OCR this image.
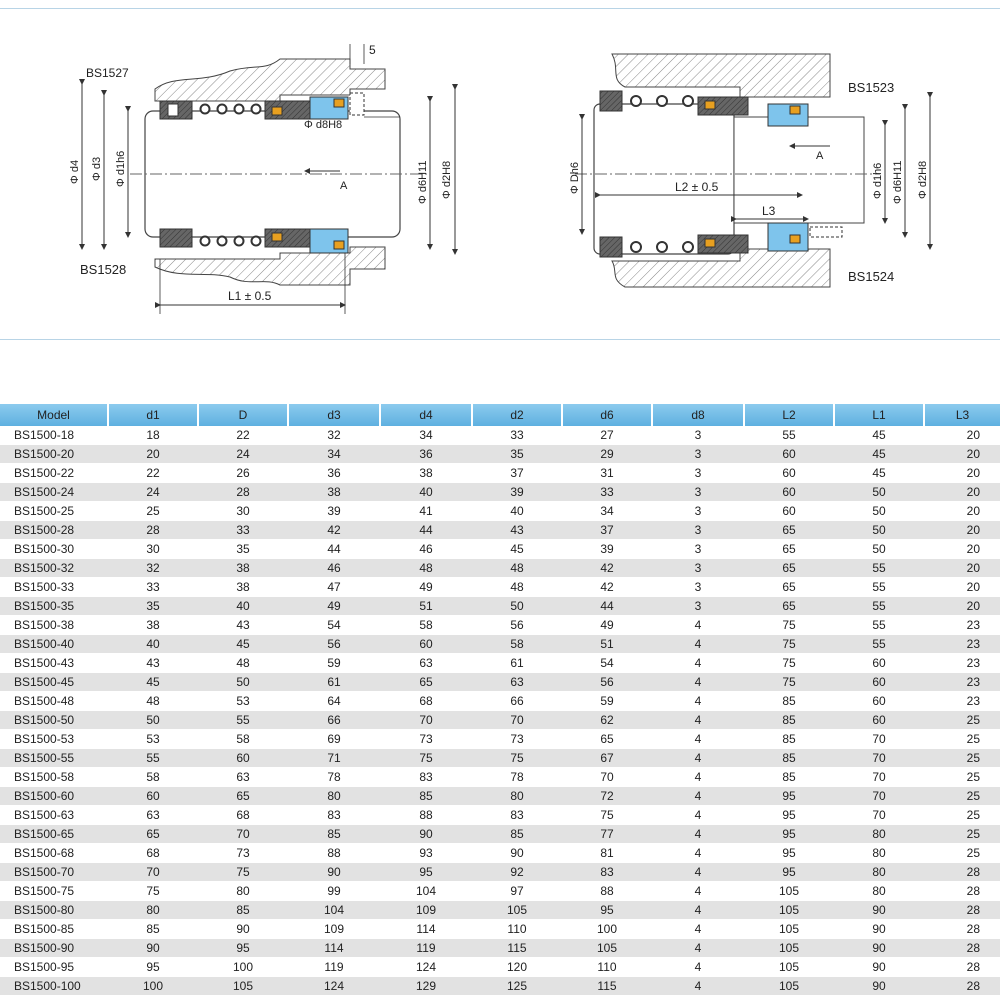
BS1527
BS1528
5
Φ d8H8
A
L1 ± 0.5
Φ d4 Φ d3 Φ d1h6	Φ d6H11 Φ d2H8
BS1523
BS1524
A
L2 ± 0.5
L3
Φ Dh6	Φ d1h6 Φ d6H11 Φ d2H8
Model	d1	D	d3	d4	d2	d6	d8	L2	L1	L3
BS1500-18	18	22	32	34	33	27	3	55	45	20
BS1500-20	20	24	34	36	35	29	3	60	45	20
BS1500-22	22	26	36	38	37	31	3	60	45	20
BS1500-24	24	28	38	40	39	33	3	60	50	20
BS1500-25	25	30	39	41	40	34	3	60	50	20
BS1500-28	28	33	42	44	43	37	3	65	50	20
BS1500-30	30	35	44	46	45	39	3	65	50	20
BS1500-32	32	38	46	48	48	42	3	65	55	20
BS1500-33	33	38	47	49	48	42	3	65	55	20
BS1500-35	35	40	49	51	50	44	3	65	55	20
BS1500-38	38	43	54	58	56	49	4	75	55	23
BS1500-40	40	45	56	60	58	51	4	75	55	23
BS1500-43	43	48	59	63	61	54	4	75	60	23
BS1500-45	45	50	61	65	63	56	4	75	60	23
BS1500-48	48	53	64	68	66	59	4	85	60	23
BS1500-50	50	55	66	70	70	62	4	85	60	25
BS1500-53	53	58	69	73	73	65	4	85	70	25
BS1500-55	55	60	71	75	75	67	4	85	70	25
BS1500-58	58	63	78	83	78	70	4	85	70	25
BS1500-60	60	65	80	85	80	72	4	95	70	25
BS1500-63	63	68	83	88	83	75	4	95	70	25
BS1500-65	65	70	85	90	85	77	4	95	80	25
BS1500-68	68	73	88	93	90	81	4	95	80	25
BS1500-70	70	75	90	95	92	83	4	95	80	28
BS1500-75	75	80	99	104	97	88	4	105	80	28
BS1500-80	80	85	104	109	105	95	4	105	90	28
BS1500-85	85	90	109	114	110	100	4	105	90	28
BS1500-90	90	95	114	119	115	105	4	105	90	28
BS1500-95	95	100	119	124	120	110	4	105	90	28
BS1500-100	100	105	124	129	125	115	4	105	90	28
